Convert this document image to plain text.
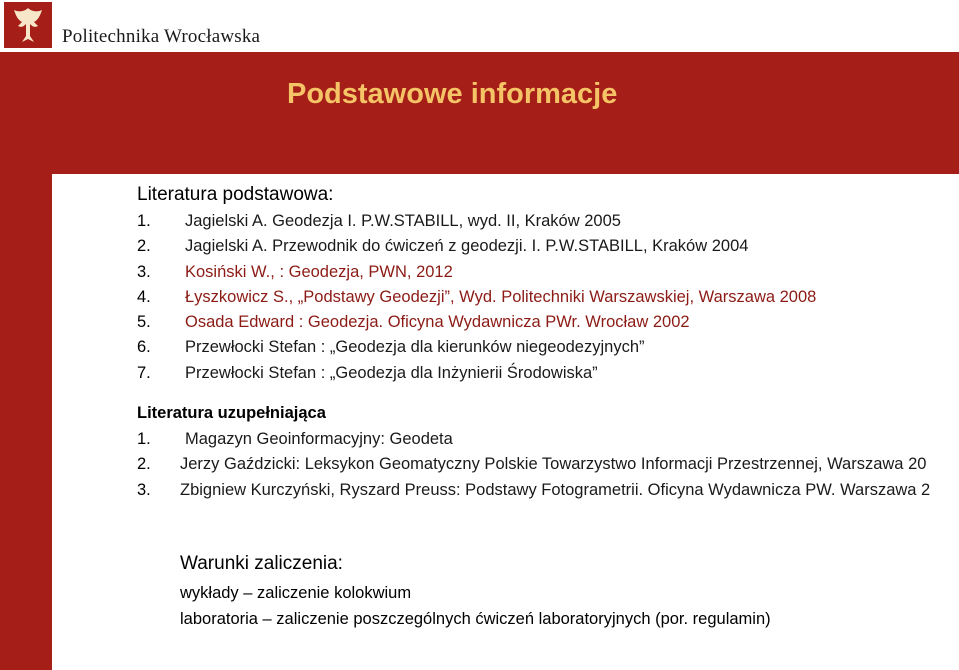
Politechnika Wrocławska
Podstawowe informacje
Literatura podstawowa:
1. Jagielski A. Geodezja I. P.W.STABILL, wyd. II, Kraków 2005
2. Jagielski A. Przewodnik do ćwiczeń z geodezji. I. P.W.STABILL, Kraków 2004
3. Kosiński W., : Geodezja, PWN, 2012
4. Łyszkowicz S., „Podstawy Geodezji”, Wyd. Politechniki Warszawskiej, Warszawa 2008
5. Osada Edward : Geodezja. Oficyna Wydawnicza PWr. Wrocław 2002
6. Przewłocki Stefan : „Geodezja dla kierunków niegeodezyjnych”
7. Przewłocki Stefan : „Geodezja dla Inżynierii Środowiska”
Literatura uzupełniająca
1. Magazyn Geoinformacyjny: Geodeta
2. Jerzy Gaździcki: Leksykon Geomatyczny Polskie Towarzystwo Informacji Przestrzennej, Warszawa 20
3. Zbigniew Kurczyński, Ryszard Preuss: Podstawy Fotogrametrii. Oficyna Wydawnicza PW. Warszawa 2
Warunki zaliczenia:
wykłady – zaliczenie kolokwium
laboratoria – zaliczenie poszczególnych ćwiczeń laboratoryjnych (por. regulamin)
